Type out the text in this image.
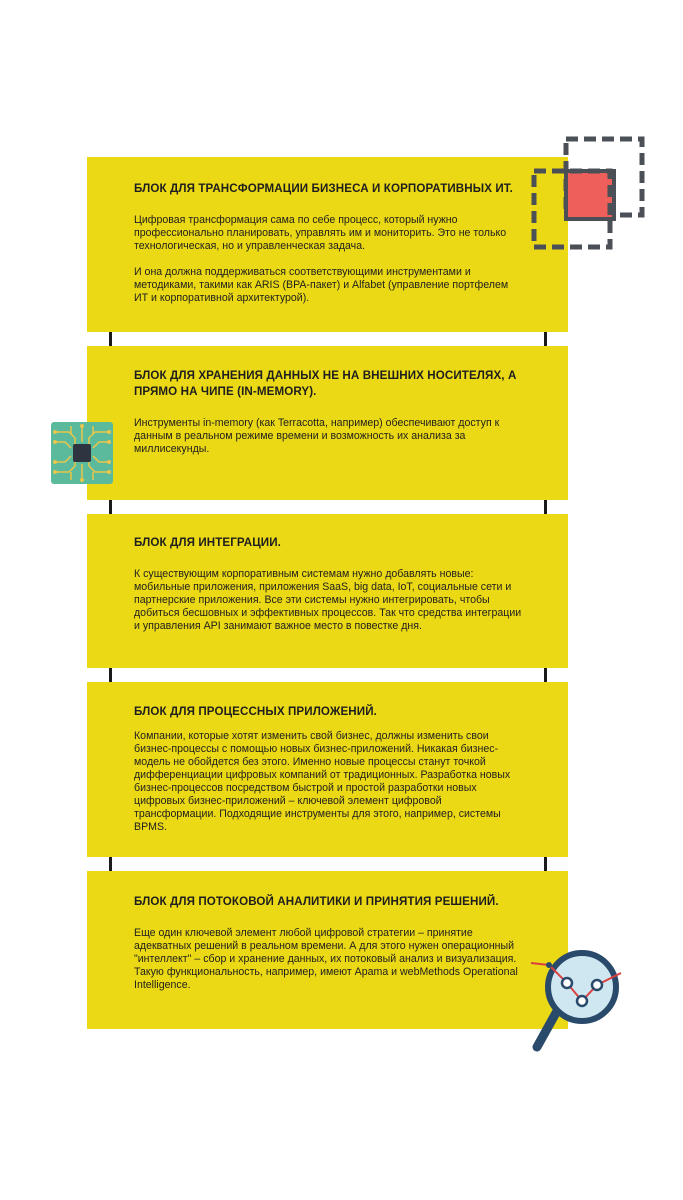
БЛОК ДЛЯ ТРАНСФОРМАЦИИ БИЗНЕСА И КОРПОРАТИВНЫХ ИТ.

Цифровая трансформация сама по себе процесс, который нужно профессионально планировать, управлять им и мониторить. Это не только технологическая, но и управленческая задача.

И она должна поддерживаться соответствующими инструментами и методиками, такими как ARIS (BPA-пакет) и Alfabet (управление портфелем ИТ и корпоративной архитектурой).

БЛОК ДЛЯ ХРАНЕНИЯ ДАННЫХ НЕ НА ВНЕШНИХ НОСИТЕЛЯХ, А ПРЯМО НА ЧИПЕ (IN-MEMORY).

Инструменты in-memory (как Terracotta, например) обеспечивают доступ к данным в реальном режиме времени и возможность их анализа за миллисекунды.

БЛОК ДЛЯ ИНТЕГРАЦИИ.

К существующим корпоративным системам нужно добавлять новые: мобильные приложения, приложения SaaS, big data, IoT, социальные сети и партнерские приложения. Все эти системы нужно интегрировать, чтобы добиться бесшовных и эффективных процессов. Так что средства интеграции и управления API занимают важное место в повестке дня.

БЛОК ДЛЯ ПРОЦЕССНЫХ ПРИЛОЖЕНИЙ.

Компании, которые хотят изменить свой бизнес, должны изменить свои бизнес-процессы с помощью новых бизнес-приложений. Никакая бизнес-модель не обойдется без этого. Именно новые процессы станут точкой дифференциации цифровых компаний от традиционных. Разработка новых бизнес-процессов посредством быстрой и простой разработки новых цифровых бизнес-приложений – ключевой элемент цифровой трансформации. Подходящие инструменты для этого, например, системы BPMS.

БЛОК ДЛЯ ПОТОКОВОЙ АНАЛИТИКИ И ПРИНЯТИЯ РЕШЕНИЙ.

Еще один ключевой элемент любой цифровой стратегии – принятие адекватных решений в реальном времени. А для этого нужен операционный "интеллект" – сбор и хранение данных, их потоковый анализ и визуализация. Такую функциональность, например, имеют Apama и webMethods Operational Intelligence.
